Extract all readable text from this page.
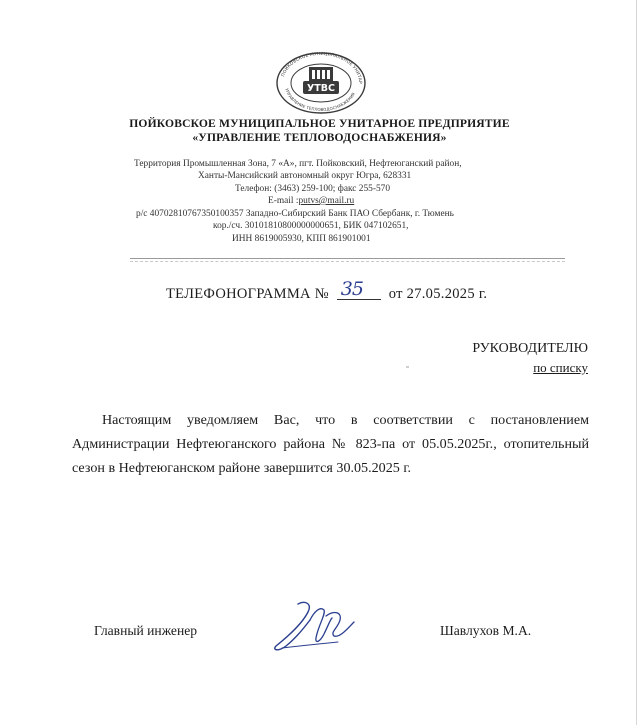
ПОЙКОВСКОЕ МУНИЦИПАЛЬНОЕ УНИТАР
УПРАВЛЕНИЕ ТЕПЛОВОДОСНАБЖЕНИЯ
УТВС
ПОЙКОВСКОЕ МУНИЦИПАЛЬНОЕ УНИТАРНОЕ ПРЕДПРИЯТИЕ
«УПРАВЛЕНИЕ ТЕПЛОВОДОСНАБЖЕНИЯ»
Территория Промышленная Зона, 7 «А», пгт. Пойковский, Нефтеюганский район,
Ханты-Мансийский автономный округ Югра, 628331
Телефон: (3463) 259-100; факс 255-570
E-mail :putvs@mail.ru
р/с 40702810767350100357 Западно-Сибирский Банк ПАО Сбербанк, г. Тюмень
кор./сч. 30101810800000000651, БИК 047102651,
ИНН 8619005930, КПП 861901001
ТЕЛЕФОНОГРАММА № 35 от 27.05.2025 г.
РУКОВОДИТЕЛЮ
по списку

Настоящим уведомляем Вас, что в соответствии с постановлением Администрации Нефтеюганского района № 823-па от 05.05.2025г., отопительный сезон в Нефтеюганском районе завершится 30.05.2025 г.

Главный инженер	Шавлухов М.А.
